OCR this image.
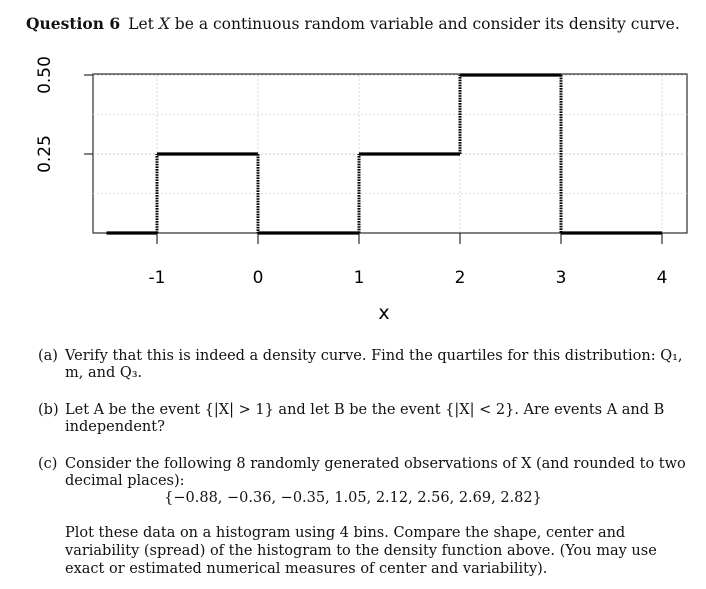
Question 6 Let X be a continuous random variable and consider its density curve.
-1	0	1	2	3	4
0.25
0.50
x
(a) Verify that this is indeed a density curve. Find the quartiles for this distribution: Q₁, m, and Q₃.
(b) Let A be the event {|X| > 1} and let B be the event {|X| < 2}. Are events A and B independent?
(c) Consider the following 8 randomly generated observations of X (and rounded to two decimal places):
{−0.88, −0.36, −0.35, 1.05, 2.12, 2.56, 2.69, 2.82}
Plot these data on a histogram using 4 bins. Compare the shape, center and variability (spread) of the histogram to the density function above. (You may use exact or estimated numerical measures of center and variability).
